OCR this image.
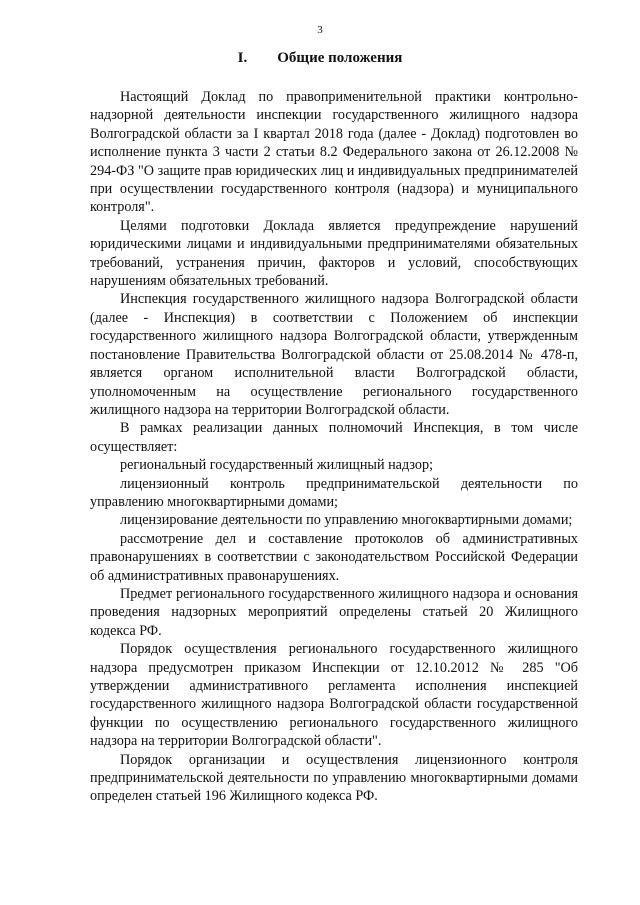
3
I. Общие положения

Настоящий Доклад по правоприменительной практики контрольно-надзорной деятельности инспекции государственного жилищного надзора Волгоградской области за I квартал 2018 года (далее - Доклад) подготовлен во исполнение пункта 3 части 2 статьи 8.2 Федерального закона от 26.12.2008 № 294-ФЗ "О защите прав юридических лиц и индивидуальных предпринимателей при осуществлении государственного контроля (надзора) и муниципального контроля".

Целями подготовки Доклада является предупреждение нарушений юридическими лицами и индивидуальными предпринимателями обязательных требований, устранения причин, факторов и условий, способствующих нарушениям обязательных требований.

Инспекция государственного жилищного надзора Волгоградской области (далее - Инспекция) в соответствии с Положением об инспекции государственного жилищного надзора Волгоградской области, утвержденным постановление Правительства Волгоградской области от 25.08.2014 № 478-п, является органом исполнительной власти Волгоградской области, уполномоченным на осуществление регионального государственного жилищного надзора на территории Волгоградской области.

В рамках реализации данных полномочий Инспекция, в том числе осуществляет:

региональный государственный жилищный надзор;

лицензионный контроль предпринимательской деятельности по управлению многоквартирными домами;

лицензирование деятельности по управлению многоквартирными домами;

рассмотрение дел и составление протоколов об административных правонарушениях в соответствии с законодательством Российской Федерации об административных правонарушениях.

Предмет регионального государственного жилищного надзора и основания проведения надзорных мероприятий определены статьей 20 Жилищного кодекса РФ.

Порядок осуществления регионального государственного жилищного надзора предусмотрен приказом Инспекции от 12.10.2012 № 285 "Об утверждении административного регламента исполнения инспекцией государственного жилищного надзора Волгоградской области государственной функции по осуществлению регионального государственного жилищного надзора на территории Волгоградской области".

Порядок организации и осуществления лицензионного контроля предпринимательской деятельности по управлению многоквартирными домами определен статьей 196 Жилищного кодекса РФ.
